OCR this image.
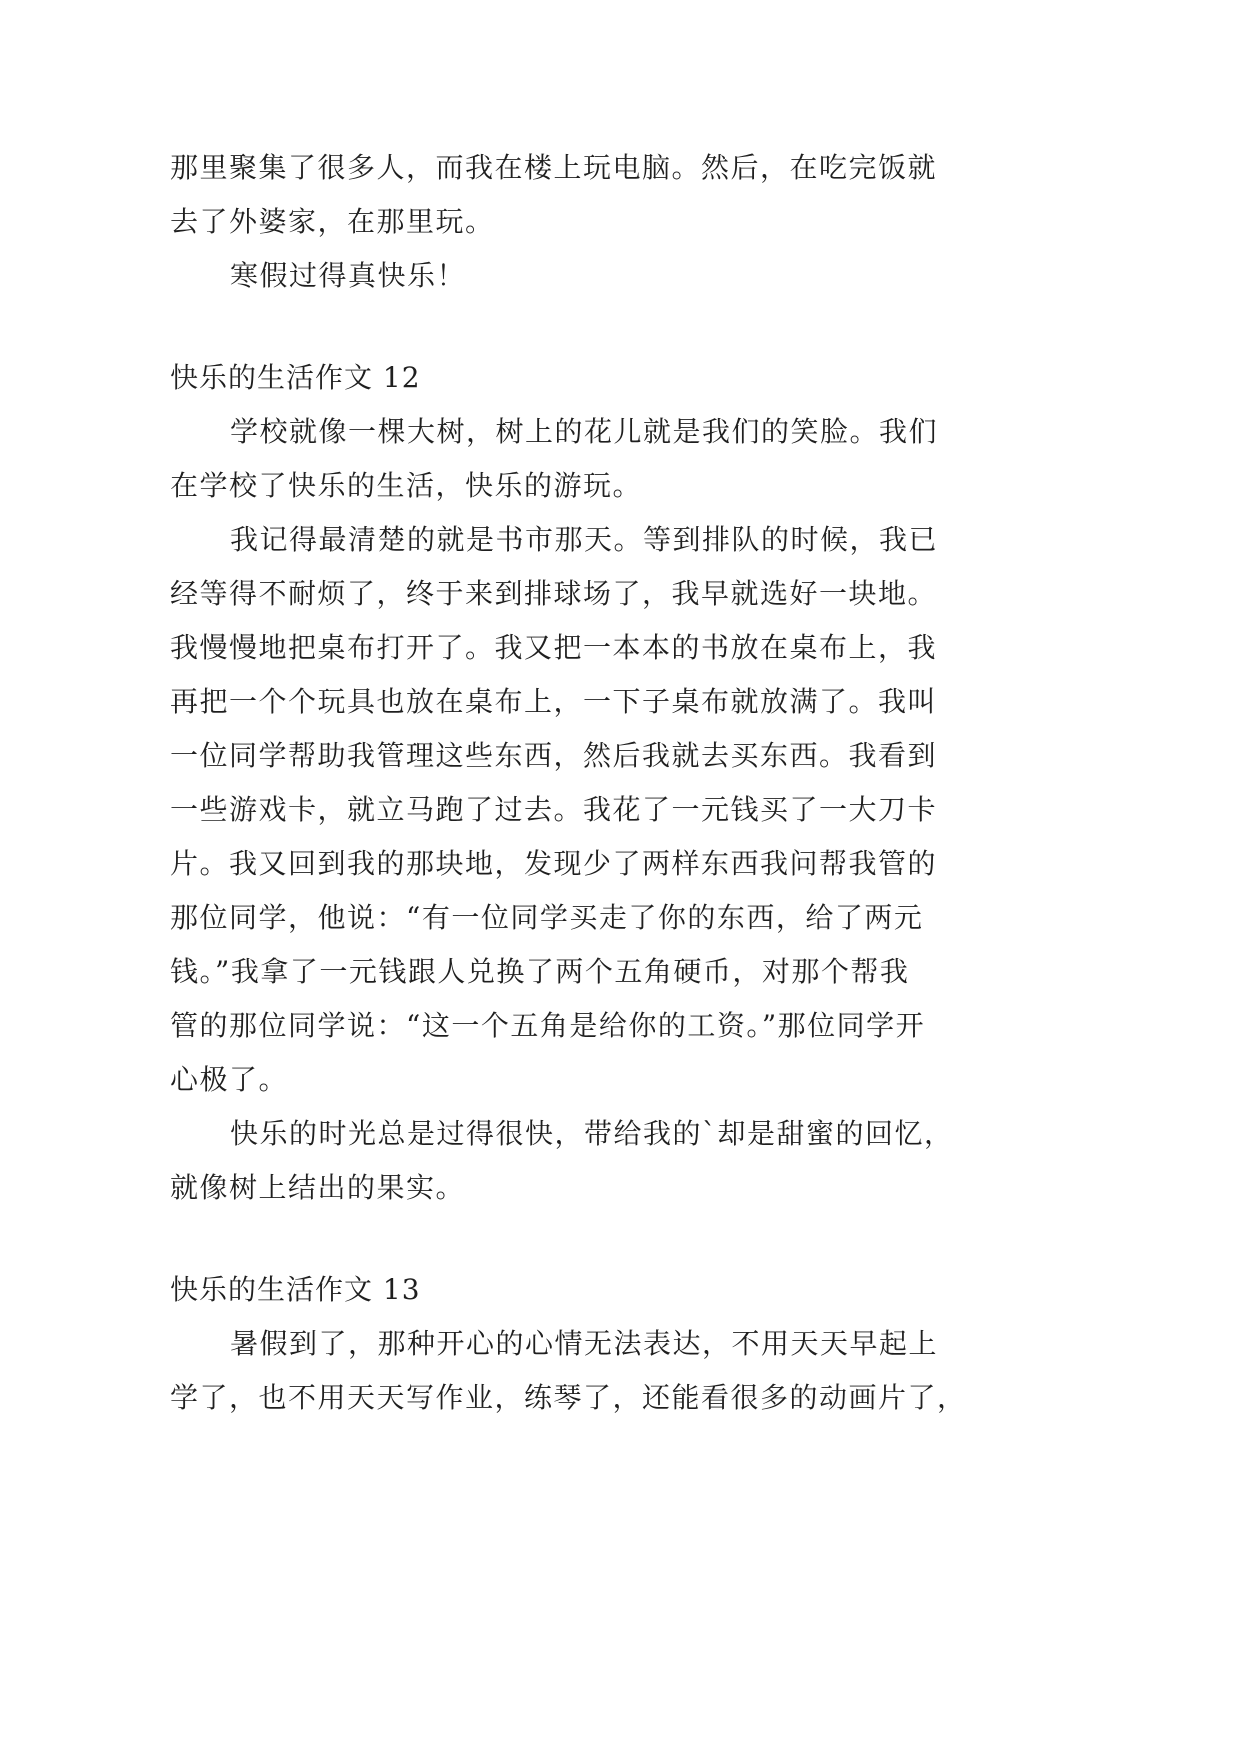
那里聚集了很多人，而我在楼上玩电脑。然后，在吃完饭就
去了外婆家，在那里玩。
寒假过得真快乐！
快乐的生活作文 12
学校就像一棵大树，树上的花儿就是我们的笑脸。我们
在学校了快乐的生活，快乐的游玩。
我记得最清楚的就是书市那天。等到排队的时候，我已
经等得不耐烦了，终于来到排球场了，我早就选好一块地。
我慢慢地把桌布打开了。我又把一本本的书放在桌布上，我
再把一个个玩具也放在桌布上，一下子桌布就放满了。我叫
一位同学帮助我管理这些东西，然后我就去买东西。我看到
一些游戏卡，就立马跑了过去。我花了一元钱买了一大刀卡
片。我又回到我的那块地，发现少了两样东西我问帮我管的
那位同学，他说：“有一位同学买走了你的东西，给了两元
钱。”我拿了一元钱跟人兑换了两个五角硬币，对那个帮我
管的那位同学说：“这一个五角是给你的工资。”那位同学开
心极了。
快乐的时光总是过得很快，带给我的`却是甜蜜的回忆，
就像树上结出的果实。
快乐的生活作文 13
暑假到了，那种开心的心情无法表达，不用天天早起上
学了，也不用天天写作业，练琴了，还能看很多的动画片了，
